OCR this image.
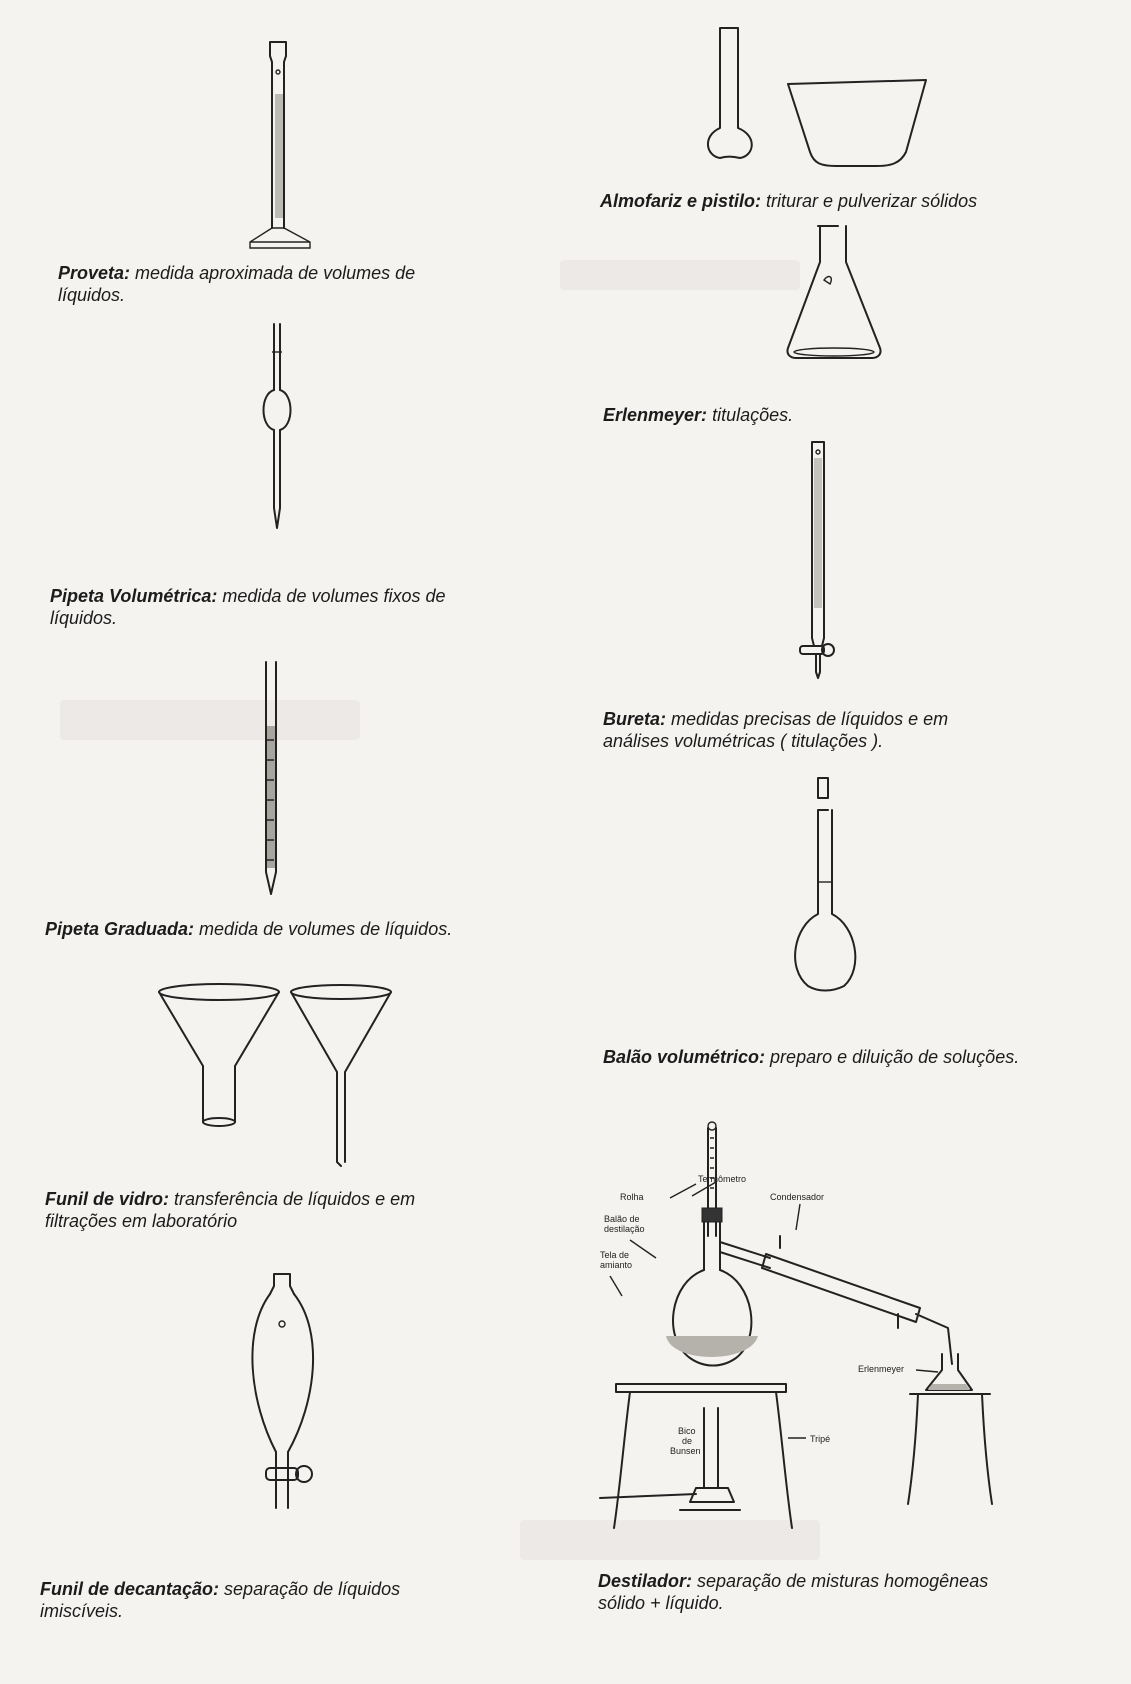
Proveta: medida aproximada de volumes de líquidos.
Pipeta Volumétrica: medida de volumes fixos de líquidos.
Pipeta Graduada: medida de volumes de líquidos.
Funil de vidro: transferência de líquidos e em filtrações em laboratório
Funil de decantação: separação de líquidos imiscíveis.
Almofariz e pistilo: triturar e pulverizar sólidos
Erlenmeyer: titulações.
Bureta: medidas precisas de líquidos e em análises volumétricas ( titulações ).
Balão volumétrico: preparo e diluição de soluções.
Termômetro
Rolha	Condensador
Balão de
destilação
Tela de
amianto
Erlenmeyer
Tripé
Bico
de
Bunsen
Destilador: separação de misturas homogêneas sólido + líquido.
